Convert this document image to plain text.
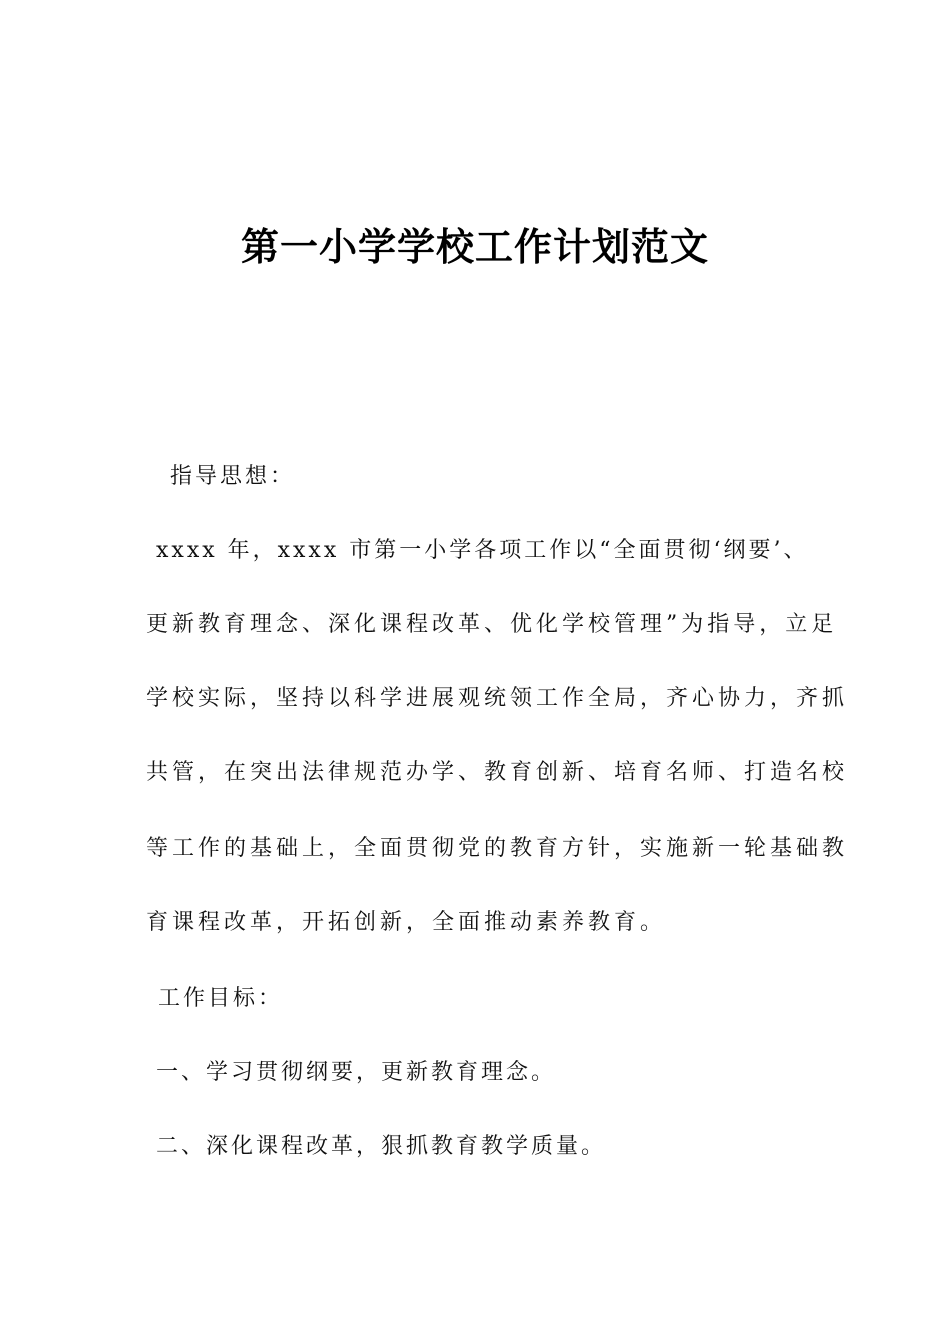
第一小学学校工作计划范文
指导思想：
xxxx 年，xxxx 市第一小学各项工作以“全面贯彻‘纲要’、
更新教育理念、深化课程改革、优化学校管理”为指导，立足
学校实际，坚持以科学进展观统领工作全局，齐心协力，齐抓
共管，在突出法律规范办学、教育创新、培育名师、打造名校
等工作的基础上，全面贯彻党的教育方针，实施新一轮基础教
育课程改革，开拓创新，全面推动素养教育。
工作目标：
一、学习贯彻纲要，更新教育理念。
二、深化课程改革，狠抓教育教学质量。
